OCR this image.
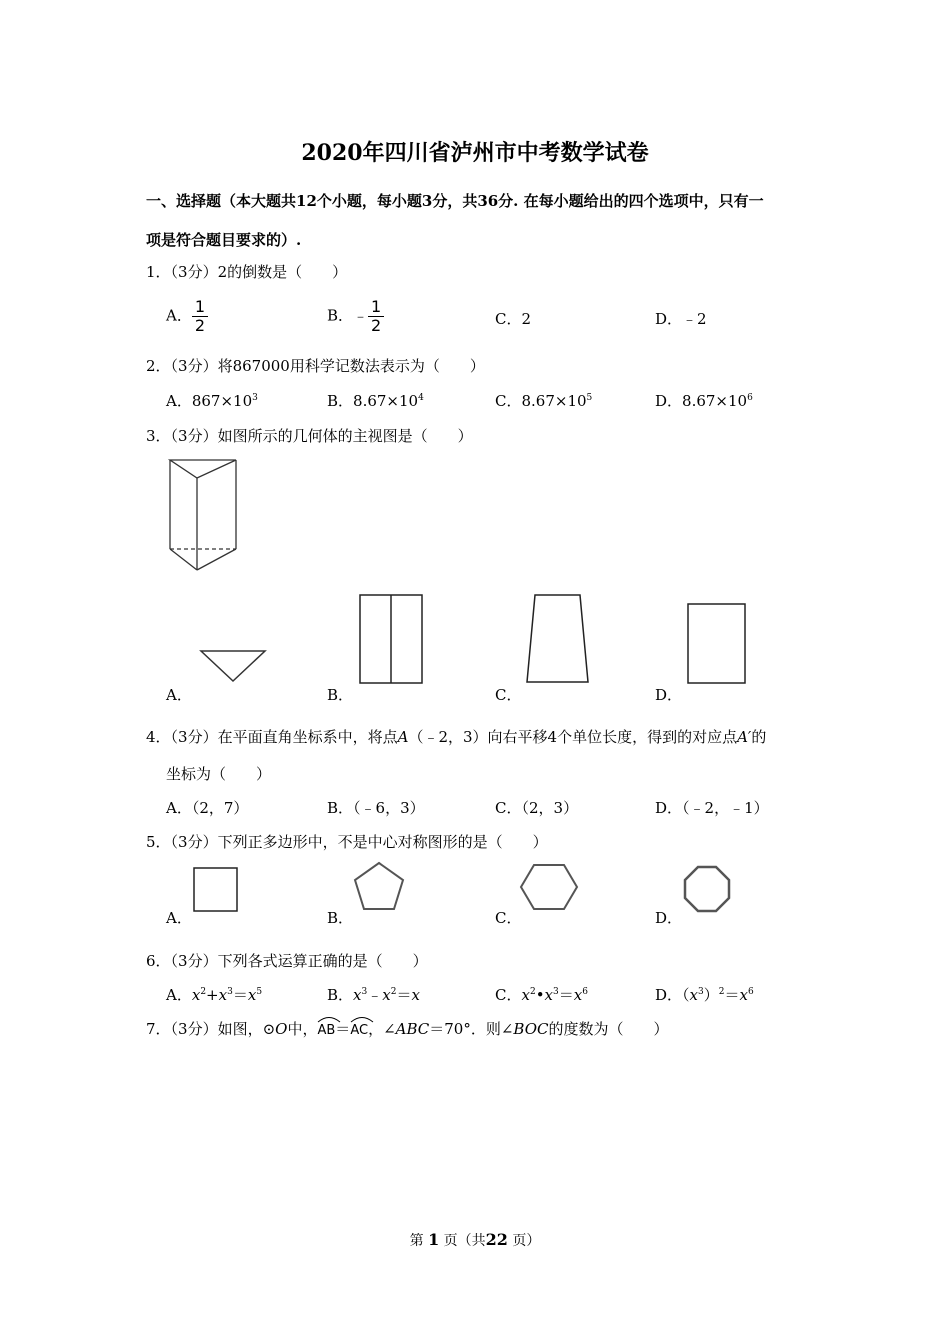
2020年四川省泸州市中考数学试卷
一、选择题（本大题共12个小题，每小题3分，共36分. 在每小题给出的四个选项中，只有一
项是符合题目要求的）.
1．（3分）2的倒数是（　　）
A． $\frac{1}{2}$	B．﹣ $\frac{1}{2}$	C．2	D．﹣2
2．（3分）将867000用科学记数法表示为（　　）
A．$867\times 10^3$	B．$8.67\times 10^4$	C．$8.67\times 10^5$	D．$8.67\times 10^6$
3．（3分）如图所示的几何体的主视图是（　　）
A．	B．	C．	D．
4．（3分）在平面直角坐标系中，将点A（﹣2，3）向右平移4个单位长度，得到的对应点A′的
坐标为（　　）
A．（2，7）	B．（﹣6，3）	C．（2，3）	D．（﹣2，﹣1）
5．（3分）下列正多边形中，不是中心对称图形的是（　　）
A．	B．	C．	D．
6．（3分）下列各式运算正确的是（　　）
A．$x^2+x^3=x^5$	B．$x^3﹣x^2=x$	C．$x^2•x^3=x^6$	D．$(x^3)^2=x^6$
7．（3分）如图，⊙O中，
AB＝
AC，∠ABC＝70°．则∠BOC的度数为（　　）
第 1 页（共22 页）
